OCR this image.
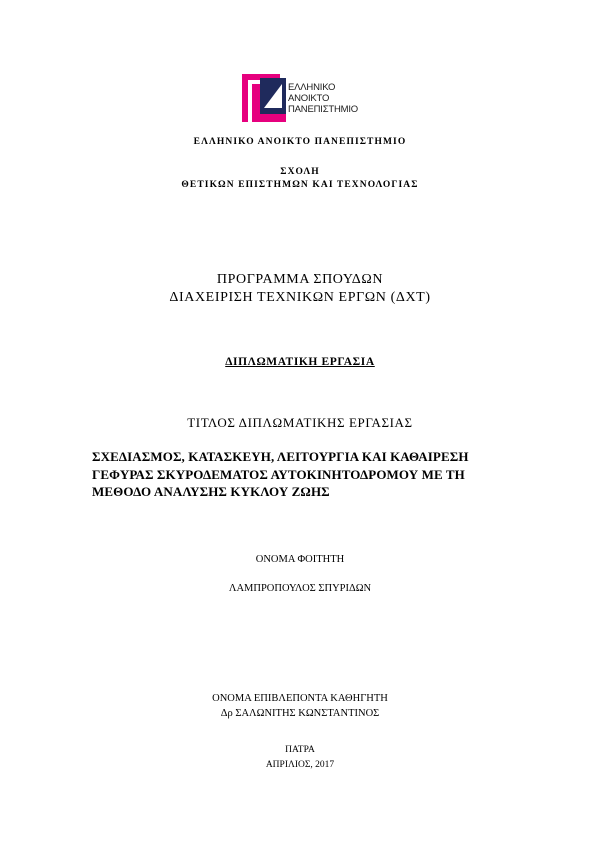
ΕΛΛΗΝΙΚΟ
ΑΝΟΙΚΤΟ
ΠΑΝΕΠΙΣΤΗΜΙΟ
ΕΛΛΗΝΙΚΟ ΑΝΟΙΚΤΟ ΠΑΝΕΠΙΣΤΗΜΙΟ
ΣΧΟΛΗ
ΘΕΤΙΚΩΝ ΕΠΙΣΤΗΜΩΝ ΚΑΙ ΤΕΧΝΟΛΟΓΙΑΣ
ΠΡΟΓΡΑΜΜΑ ΣΠΟΥΔΩΝ
ΔΙΑΧΕΙΡΙΣΗ ΤΕΧΝΙΚΩΝ ΕΡΓΩΝ (ΔΧΤ)
ΔΙΠΛΩΜΑΤΙΚΗ ΕΡΓΑΣΙΑ
ΤΙΤΛΟΣ ΔΙΠΛΩΜΑΤΙΚΗΣ ΕΡΓΑΣΙΑΣ
ΣΧΕΔΙΑΣΜΟΣ, ΚΑΤΑΣΚΕΥΗ, ΛΕΙΤΟΥΡΓΙΑ ΚΑΙ ΚΑΘΑΙΡΕΣΗ
ΓΕΦΥΡΑΣ ΣΚΥΡΟΔΕΜΑΤΟΣ ΑΥΤΟΚΙΝΗΤΟΔΡΟΜΟΥ ΜΕ ΤΗ
ΜΕΘΟΔΟ ΑΝΑΛΥΣΗΣ ΚΥΚΛΟΥ ΖΩΗΣ
ΟΝΟΜΑ ΦΟΙΤΗΤΗ
ΛΑΜΠΡΟΠΟΥΛΟΣ ΣΠΥΡΙΔΩΝ
ΟΝΟΜΑ ΕΠΙΒΛΕΠΟΝΤΑ ΚΑΘΗΓΗΤΗ
Δρ ΣΑΛΩΝΙΤΗΣ ΚΩΝΣΤΑΝΤΙΝΟΣ
ΠΑΤΡΑ
ΑΠΡΙΛΙΟΣ, 2017
